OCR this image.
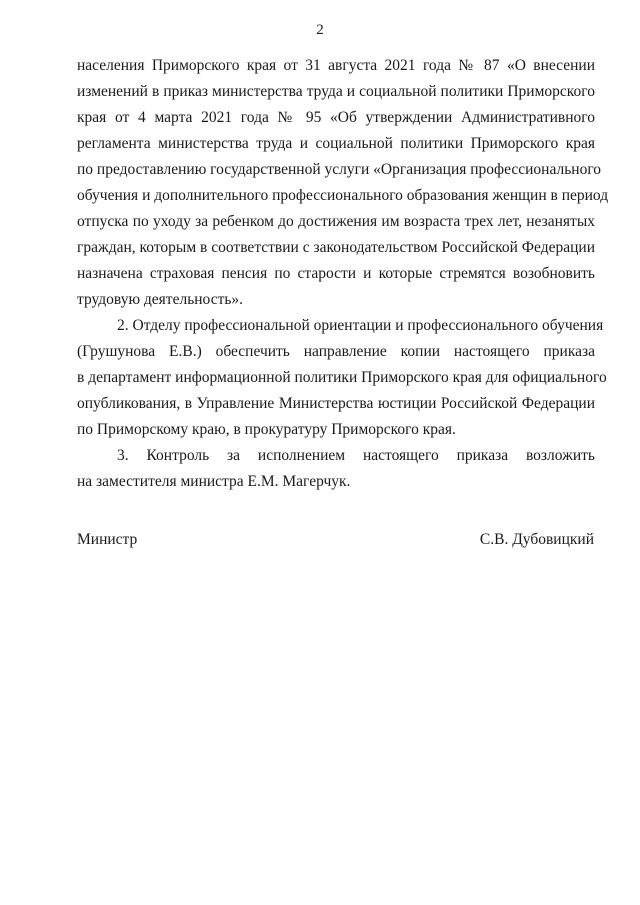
2
населения Приморского края от 31 августа 2021 года № 87 «О внесении
изменений в приказ министерства труда и социальной политики Приморского
края от 4 марта 2021 года № 95 «Об утверждении Административного
регламента министерства труда и социальной политики Приморского края
по предоставлению государственной услуги «Организация профессионального
обучения и дополнительного профессионального образования женщин в период
отпуска по уходу за ребенком до достижения им возраста трех лет, незанятых
граждан, которым в соответствии с законодательством Российской Федерации
назначена страховая пенсия по старости и которые стремятся возобновить
трудовую деятельность».
2. Отделу профессиональной ориентации и профессионального обучения
(Грушунова Е.В.) обеспечить направление копии настоящего приказа
в департамент информационной политики Приморского края для официального
опубликования, в Управление Министерства юстиции Российской Федерации
по Приморскому краю, в прокуратуру Приморского края.
3. Контроль за исполнением настоящего приказа возложить
на заместителя министра Е.М. Магерчук.
Министр	С.В. Дубовицкий
